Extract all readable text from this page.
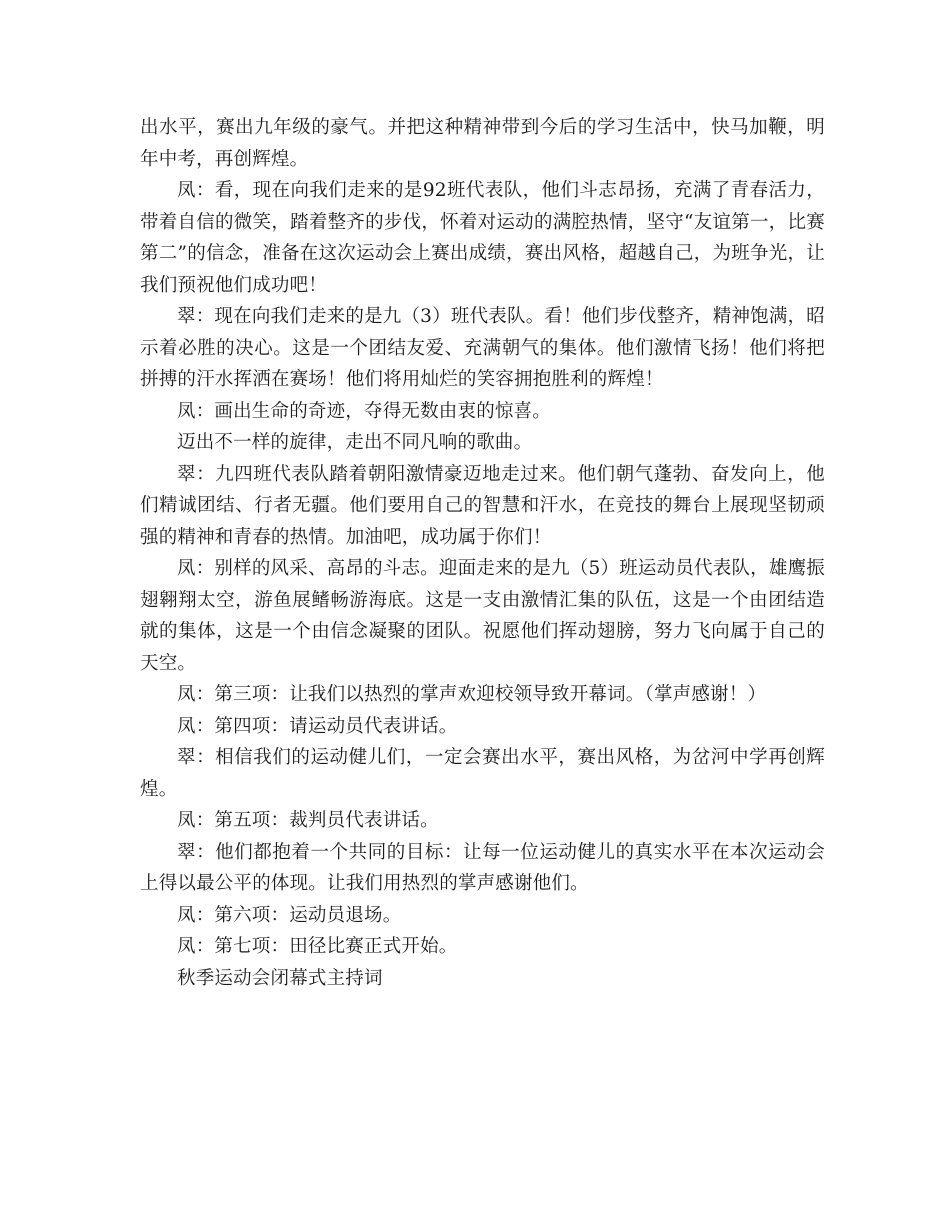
出水平，赛出九年级的豪气。并把这种精神带到今后的学习生活中，快马加鞭，明年中考，再创辉煌。

凤：看，现在向我们走来的是92班代表队，他们斗志昂扬，充满了青春活力，带着自信的微笑，踏着整齐的步伐，怀着对运动的满腔热情，坚守“友谊第一，比赛第二”的信念，准备在这次运动会上赛出成绩，赛出风格，超越自己，为班争光，让我们预祝他们成功吧！

翠：现在向我们走来的是九（3）班代表队。看！他们步伐整齐，精神饱满，昭示着必胜的决心。这是一个团结友爱、充满朝气的集体。他们激情飞扬！他们将把拼搏的汗水挥洒在赛场！他们将用灿烂的笑容拥抱胜利的辉煌！

凤：画出生命的奇迹，夺得无数由衷的惊喜。

迈出不一样的旋律，走出不同凡响的歌曲。

翠：九四班代表队踏着朝阳激情豪迈地走过来。他们朝气蓬勃、奋发向上，他们精诚团结、行者无疆。他们要用自己的智慧和汗水，在竞技的舞台上展现坚韧顽强的精神和青春的热情。加油吧，成功属于你们！

凤：别样的风采、高昂的斗志。迎面走来的是九（5）班运动员代表队，雄鹰振翅翱翔太空，游鱼展鳍畅游海底。这是一支由激情汇集的队伍，这是一个由团结造就的集体，这是一个由信念凝聚的团队。祝愿他们挥动翅膀，努力飞向属于自己的天空。

凤：第三项：让我们以热烈的掌声欢迎校领导致开幕词。（掌声感谢！）

凤：第四项：请运动员代表讲话。

翠：相信我们的运动健儿们，一定会赛出水平，赛出风格，为岔河中学再创辉煌。

凤：第五项：裁判员代表讲话。

翠：他们都抱着一个共同的目标：让每一位运动健儿的真实水平在本次运动会上得以最公平的体现。让我们用热烈的掌声感谢他们。

凤：第六项：运动员退场。

凤：第七项：田径比赛正式开始。

秋季运动会闭幕式主持词
